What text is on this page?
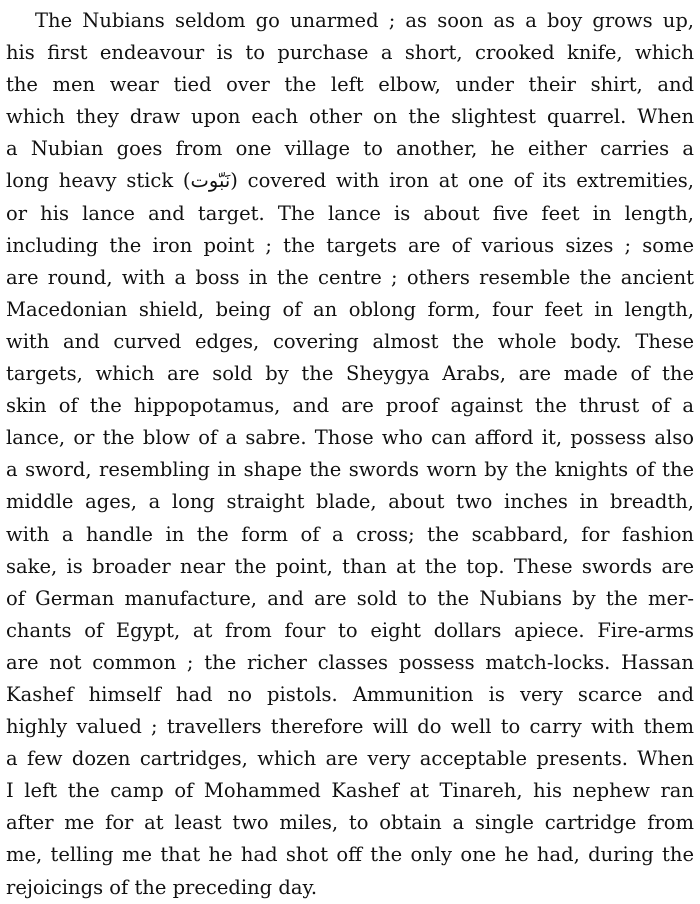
The Nubians seldom go unarmed ; as soon as a boy grows up,
his first endeavour is to purchase a short, crooked knife, which
the men wear tied over the left elbow, under their shirt, and
which they draw upon each other on the slightest quarrel. When
a Nubian goes from one village to another, he either carries a
long heavy stick (نَبّوت) covered with iron at one of its extremities,
or his lance and target. The lance is about five feet in length,
including the iron point ; the targets are of various sizes ; some
are round, with a boss in the centre ; others resemble the ancient
Macedonian shield, being of an oblong form, four feet in length,
with and curved edges, covering almost the whole body. These
targets, which are sold by the Sheygya Arabs, are made of the
skin of the hippopotamus, and are proof against the thrust of a
lance, or the blow of a sabre. Those who can afford it, possess also
a sword, resembling in shape the swords worn by the knights of the
middle ages, a long straight blade, about two inches in breadth,
with a handle in the form of a cross; the scabbard, for fashion
sake, is broader near the point, than at the top. These swords are
of German manufacture, and are sold to the Nubians by the mer-
chants of Egypt, at from four to eight dollars apiece. Fire-arms
are not common ; the richer classes possess match-locks. Hassan
Kashef himself had no pistols. Ammunition is very scarce and
highly valued ; travellers therefore will do well to carry with them
a few dozen cartridges, which are very acceptable presents. When
I left the camp of Mohammed Kashef at Tinareh, his nephew ran
after me for at least two miles, to obtain a single cartridge from
me, telling me that he had shot off the only one he had, during the
rejoicings of the preceding day.
